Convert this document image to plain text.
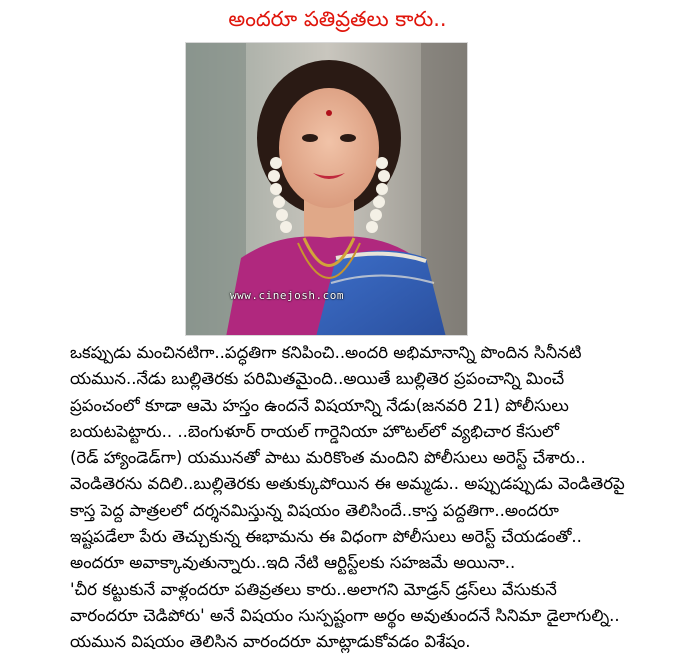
అందరూ పతివ్రతలు కారు..
www.cinejosh.com

ఒకప్పుడు మంచినటిగా..పద్ధతిగా కనిపించి..అందరి అభిమానాన్ని పొందిన సినీనటి

యమున..నేడు బుల్లితెరకు పరిమితమైంది..అయితే బుల్లితెర ప్రపంచాన్ని మించే

ప్రపంచంలో కూడా ఆమె హస్తం ఉందనే విషయాన్ని నేడు(జనవరి 21) పోలీసులు

బయటపెట్టారు.. ..బెంగుళూర్ రాయల్ గార్డెనియా హొటల్‌లో వ్యభిచార కేసులో

(రెడ్ హ్యాండెడ్‌గా) యమునతో పాటు మరికొంత మందిని పోలీసులు అరెస్ట్ చేశారు..

వెండితెరను వదిలి..బుల్లితెరకు అతుక్కుపోయిన ఈ అమ్మడు.. అప్పుడప్పుడు వెండితెరపై

కాస్త పెద్ద పాత్రలలో దర్శనమిస్తున్న విషయం తెలిసిందే..కాస్త పద్దతిగా..అందరూ

ఇష్టపడేలా పేరు తెచ్చుకున్న ఈభామను ఈ విధంగా పోలీసులు అరెస్ట్ చేయడంతో..

అందరూ అవాక్కావుతున్నారు..ఇది నేటి ఆర్టిస్ట్‌లకు సహజమే అయినా..

'చీర కట్టుకునే వాళ్లందరూ పతివ్రతలు కారు..అలాగని మోడ్రన్ డ్రస్‌లు వేసుకునే

వారందరూ చెడిపోరు' అనే విషయం సుస్పష్టంగా అర్థం అవుతుందనే సినిమా డైలాగుల్ని..

యమున విషయం తెలిసిన వారందరూ మాట్లాడుకోవడం విశేషం.
